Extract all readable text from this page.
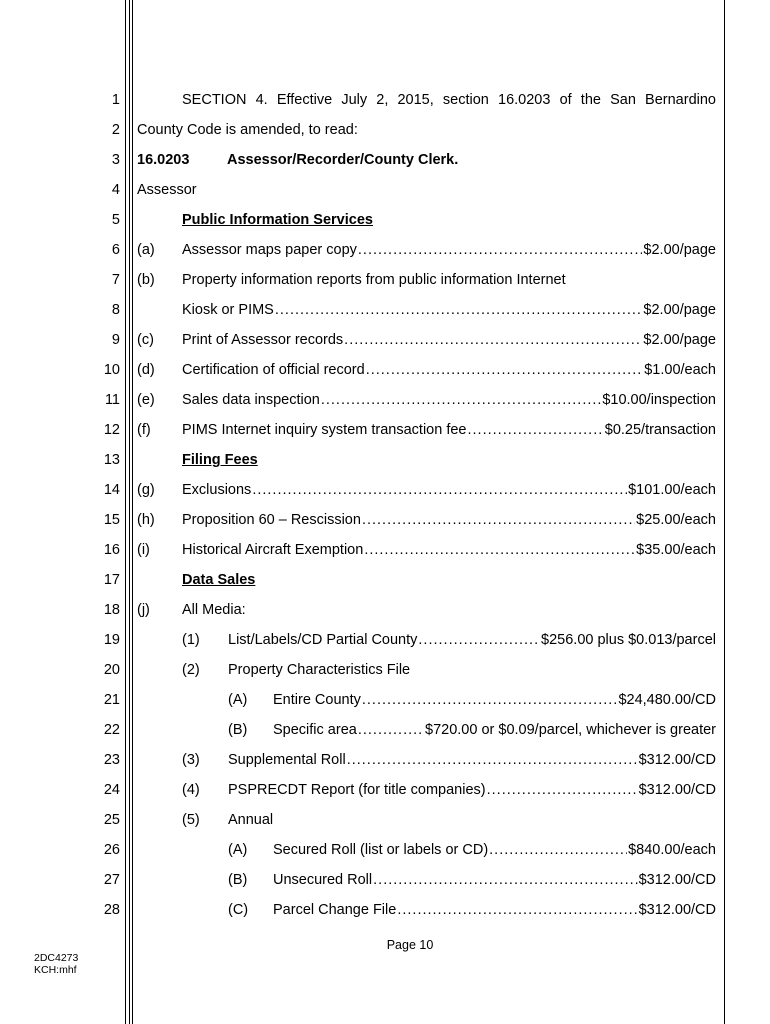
1
2
3
4
5
6
7
8
9
10
11
12
13
14
15
16
17
18
19
20
21
22
23
24
25
26
27
28
SECTION 4. Effective July 2, 2015, section 16.0203 of the San Bernardino
County Code is amended, to read:
16.0203	Assessor/Recorder/County Clerk.
Assessor
Public Information Services
(a) Assessor maps paper copy .....	$2.00/page
(b) Property information reports from public information Internet
Kiosk or PIMS .....	$2.00/page
(c) Print of Assessor records .....	$2.00/page
(d) Certification of official record .....	$1.00/each
(e) Sales data inspection .....	$10.00/inspection
(f) PIMS Internet inquiry system transaction fee .....	$0.25/transaction
Filing Fees
(g) Exclusions .....	$101.00/each
(h) Proposition 60 – Rescission .....	$25.00/each
(i) Historical Aircraft Exemption .....	$35.00/each
Data Sales
(j) All Media:
(1) List/Labels/CD Partial County .....	$256.00 plus $0.013/parcel
(2) Property Characteristics File
(A) Entire County .....	$24,480.00/CD
(B) Specific area .....	$720.00 or $0.09/parcel, whichever is greater
(3) Supplemental Roll .....	$312.00/CD
(4) PSPRECDT Report (for title companies) .....	$312.00/CD
(5) Annual
(A) Secured Roll (list or labels or CD) .....	$840.00/each
(B) Unsecured Roll .....	$312.00/CD
(C) Parcel Change File .....	$312.00/CD
Page 10
2DC4273
KCH:mhf
